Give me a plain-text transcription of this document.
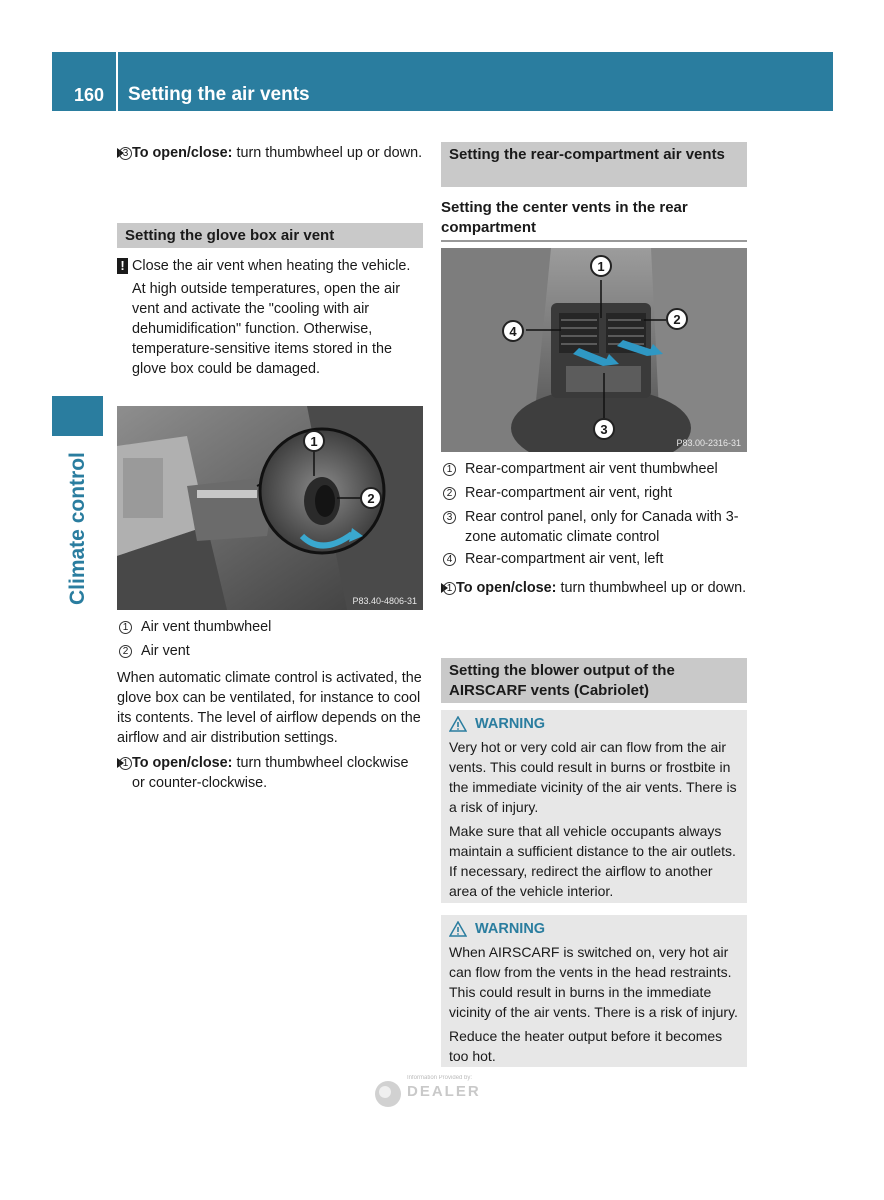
160	Setting the air vents
Climate control

To open/close: turn thumbwheel
3	up or down.

Setting the glove box air vent

! Close the air vent when heating the vehicle.

At high outside temperatures, open the air vent and activate the "cooling with air dehumidification" function. Otherwise, temperature-sensitive items stored in the glove box could be damaged.

1
2
P83.40-4806-31

1 Air vent thumbwheel

2 Air vent

When automatic climate control is activated, the glove box can be ventilated, for instance to cool its contents. The level of airflow depends on the airflow and air distribution settings.

To open/close: turn thumbwheel
1	clockwise or counter-clockwise.

Setting the rear-compartment air vents
Setting the center vents in the rear compartment
1
2
3
4
P83.00-2316-31

1 Rear-compartment air vent thumbwheel

2 Rear-compartment air vent, right

3 Rear control panel, only for Canada with 3-zone automatic climate control

4 Rear-compartment air vent, left

To open/close: turn thumbwheel
1	up or down.

Setting the blower output of the AIRSCARF vents (Cabriolet)
WARNING

Very hot or very cold air can flow from the air vents. This could result in burns or frostbite in the immediate vicinity of the air vents. There is a risk of injury.

Make sure that all vehicle occupants always maintain a sufficient distance to the air outlets. If necessary, redirect the airflow to another area of the vehicle interior.

WARNING

When AIRSCARF is switched on, very hot air can flow from the vents in the head restraints. This could result in burns in the immediate vicinity of the air vents. There is a risk of injury.

Reduce the heater output before it becomes too hot.

Information Provided by:
DEALER
